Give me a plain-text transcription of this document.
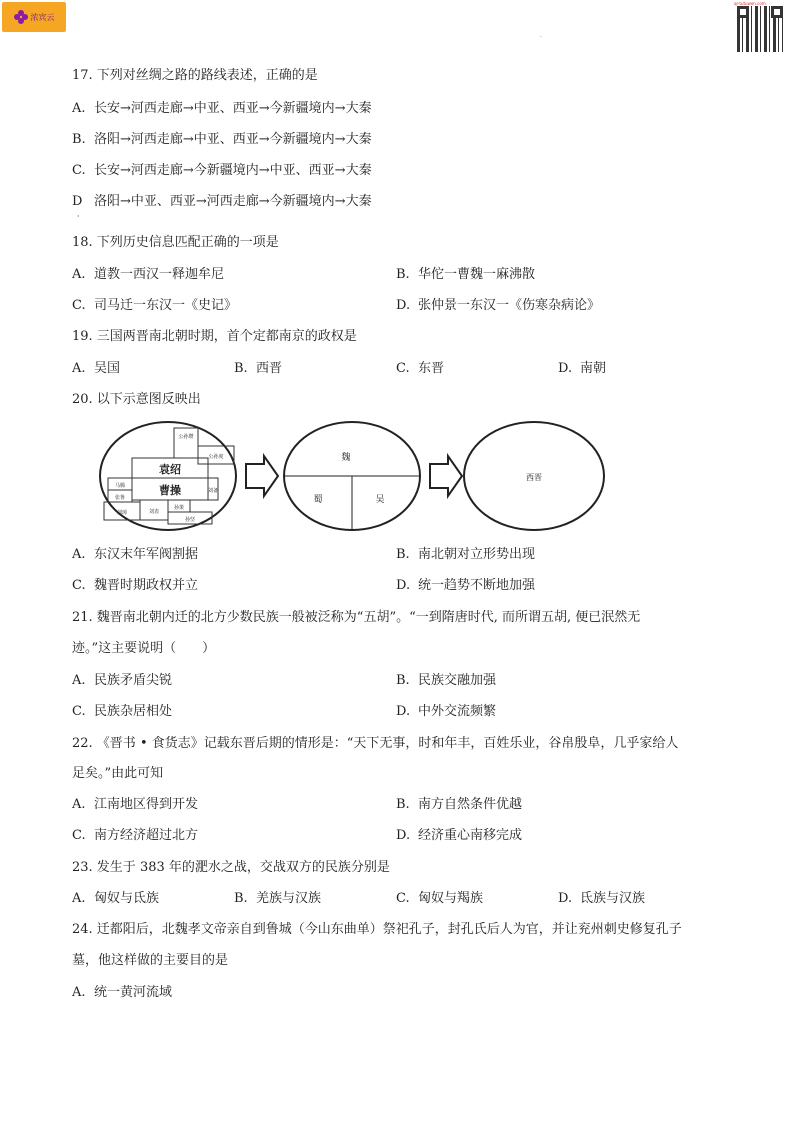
浓宾云
qr-tutuwen.com
·
17. 下列对丝绸之路的路线表述，正确的是
A. 长安→河西走廊→中亚、西亚→今新疆境内→大秦
B. 洛阳→河西走廊→中亚、西亚→今新疆境内→大秦
C. 长安→河西走廊→今新疆境内→中亚、西亚→大秦
D 洛阳→中亚、西亚→河西走廊→今新疆境内→大秦
·
18. 下列历史信息匹配正确的一项是
A. 道教一西汉一释迦牟尼	B. 华佗一曹魏一麻沸散
C. 司马迁一东汉一《史记》	D. 张仲景一东汉一《伤寒杂病论》
19. 三国两晋南北朝时期，首个定都南京的政权是
A. 吴国	B. 西晋	C. 东晋	D. 南朝
20. 以下示意图反映出
袁绍
曹操
公孙瓒
公孙度
马腾
张鲁
刘璋	刘表
孙策
孙坚
刘备
魏
蜀	吴
西晋
A. 东汉末年军阀割据	B. 南北朝对立形势出现
C. 魏晋时期政权并立	D. 统一趋势不断地加强
21. 魏晋南北朝内迁的北方少数民族一般被泛称为“五胡”。“一到隋唐时代, 而所谓五胡, 便已泯然无
迹。”这主要说明（　　）
A. 民族矛盾尖锐	B. 民族交融加强
C. 民族杂居相处	D. 中外交流频繁
22. 《晋书 • 食货志》记载东晋后期的情形是：“天下无事，时和年丰，百姓乐业，谷帛殷阜，几乎家给人
足矣。”由此可知
A. 江南地区得到开发	B. 南方自然条件优越
C. 南方经济超过北方	D. 经济重心南移完成
23. 发生于 383 年的淝水之战，交战双方的民族分别是
A. 匈奴与氐族	B. 羌族与汉族	C. 匈奴与羯族	D. 氐族与汉族
24. 迁都阳后，北魏孝文帝亲自到鲁城（今山东曲单）祭祀孔子，封孔氏后人为官，并让兖州刺史修复孔子
墓，他这样做的主要目的是
A. 统一黄河流域
